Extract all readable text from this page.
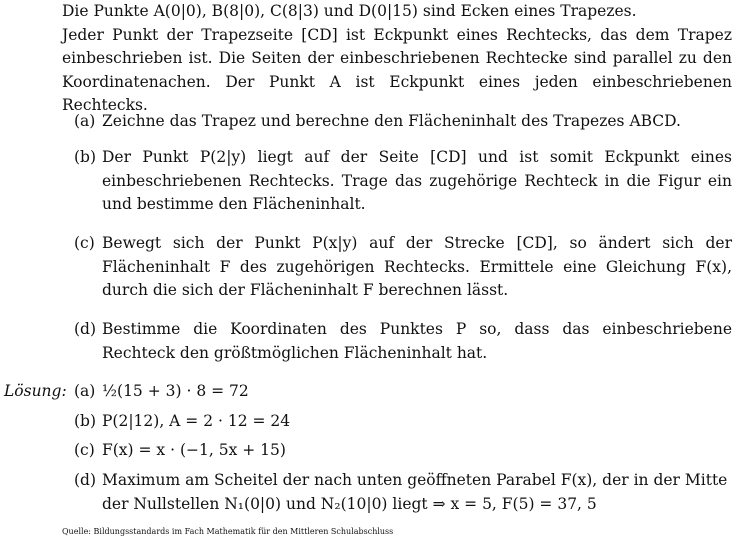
Die Punkte A(0|0), B(8|0), C(8|3) und D(0|15) sind Ecken eines Trapezes.

Jeder Punkt der Trapezseite [CD] ist Eckpunkt eines Rechtecks, das dem Trapez einbeschrieben ist. Die Seiten der einbeschriebenen Rechtecke sind parallel zu den Koordinatenachen. Der Punkt A ist Eckpunkt eines jeden einbeschriebenen Rechtecks.

(a) Zeichne das Trapez und berechne den Flächeninhalt des Trapezes ABCD.
(b) Der Punkt P(2|y) liegt auf der Seite [CD] und ist somit Eckpunkt eines einbeschriebenen Rechtecks. Trage das zugehörige Rechteck in die Figur ein und bestimme den Flächeninhalt.
(c) Bewegt sich der Punkt P(x|y) auf der Strecke [CD], so ändert sich der Flächeninhalt F des zugehörigen Rechtecks. Ermittele eine Gleichung F(x), durch die sich der Flächeninhalt F berechnen lässt.
(d) Bestimme die Koordinaten des Punktes P so, dass das einbeschriebene Rechteck den größtmöglichen Flächeninhalt hat.
Lösung: (a) ½(15 + 3) · 8 = 72
(b) P(2|12), A = 2 · 12 = 24
(c) F(x) = x · (−1, 5x + 15)
(d) Maximum am Scheitel der nach unten geöffneten Parabel F(x), der in der Mitte der Nullstellen N₁(0|0) und N₂(10|0) liegt ⇒ x = 5, F(5) = 37, 5
Quelle: Bildungsstandards im Fach Mathematik für den Mittleren Schulabschluss
